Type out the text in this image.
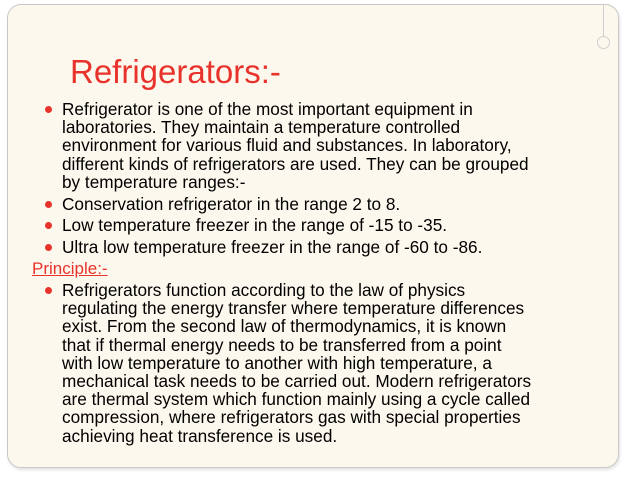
Refrigerators:-
Refrigerator is one of the most important equipment in
laboratories. They maintain a temperature controlled
environment for various fluid and substances. In laboratory,
different kinds of refrigerators are used. They can be grouped
by temperature ranges:-
Conservation refrigerator in the range 2 to 8.
Low temperature freezer in the range of -15 to -35.
Ultra low temperature freezer in the range of -60 to -86.
Principle:-
Refrigerators function according to the law of physics
regulating the energy transfer where temperature differences
exist. From the second law of thermodynamics, it is known
that if thermal energy needs to be transferred from a point
with low temperature to another with high temperature, a
mechanical task needs to be carried out. Modern refrigerators
are thermal system which function mainly using a cycle called
compression, where refrigerators gas with special properties
achieving heat transference is used.
